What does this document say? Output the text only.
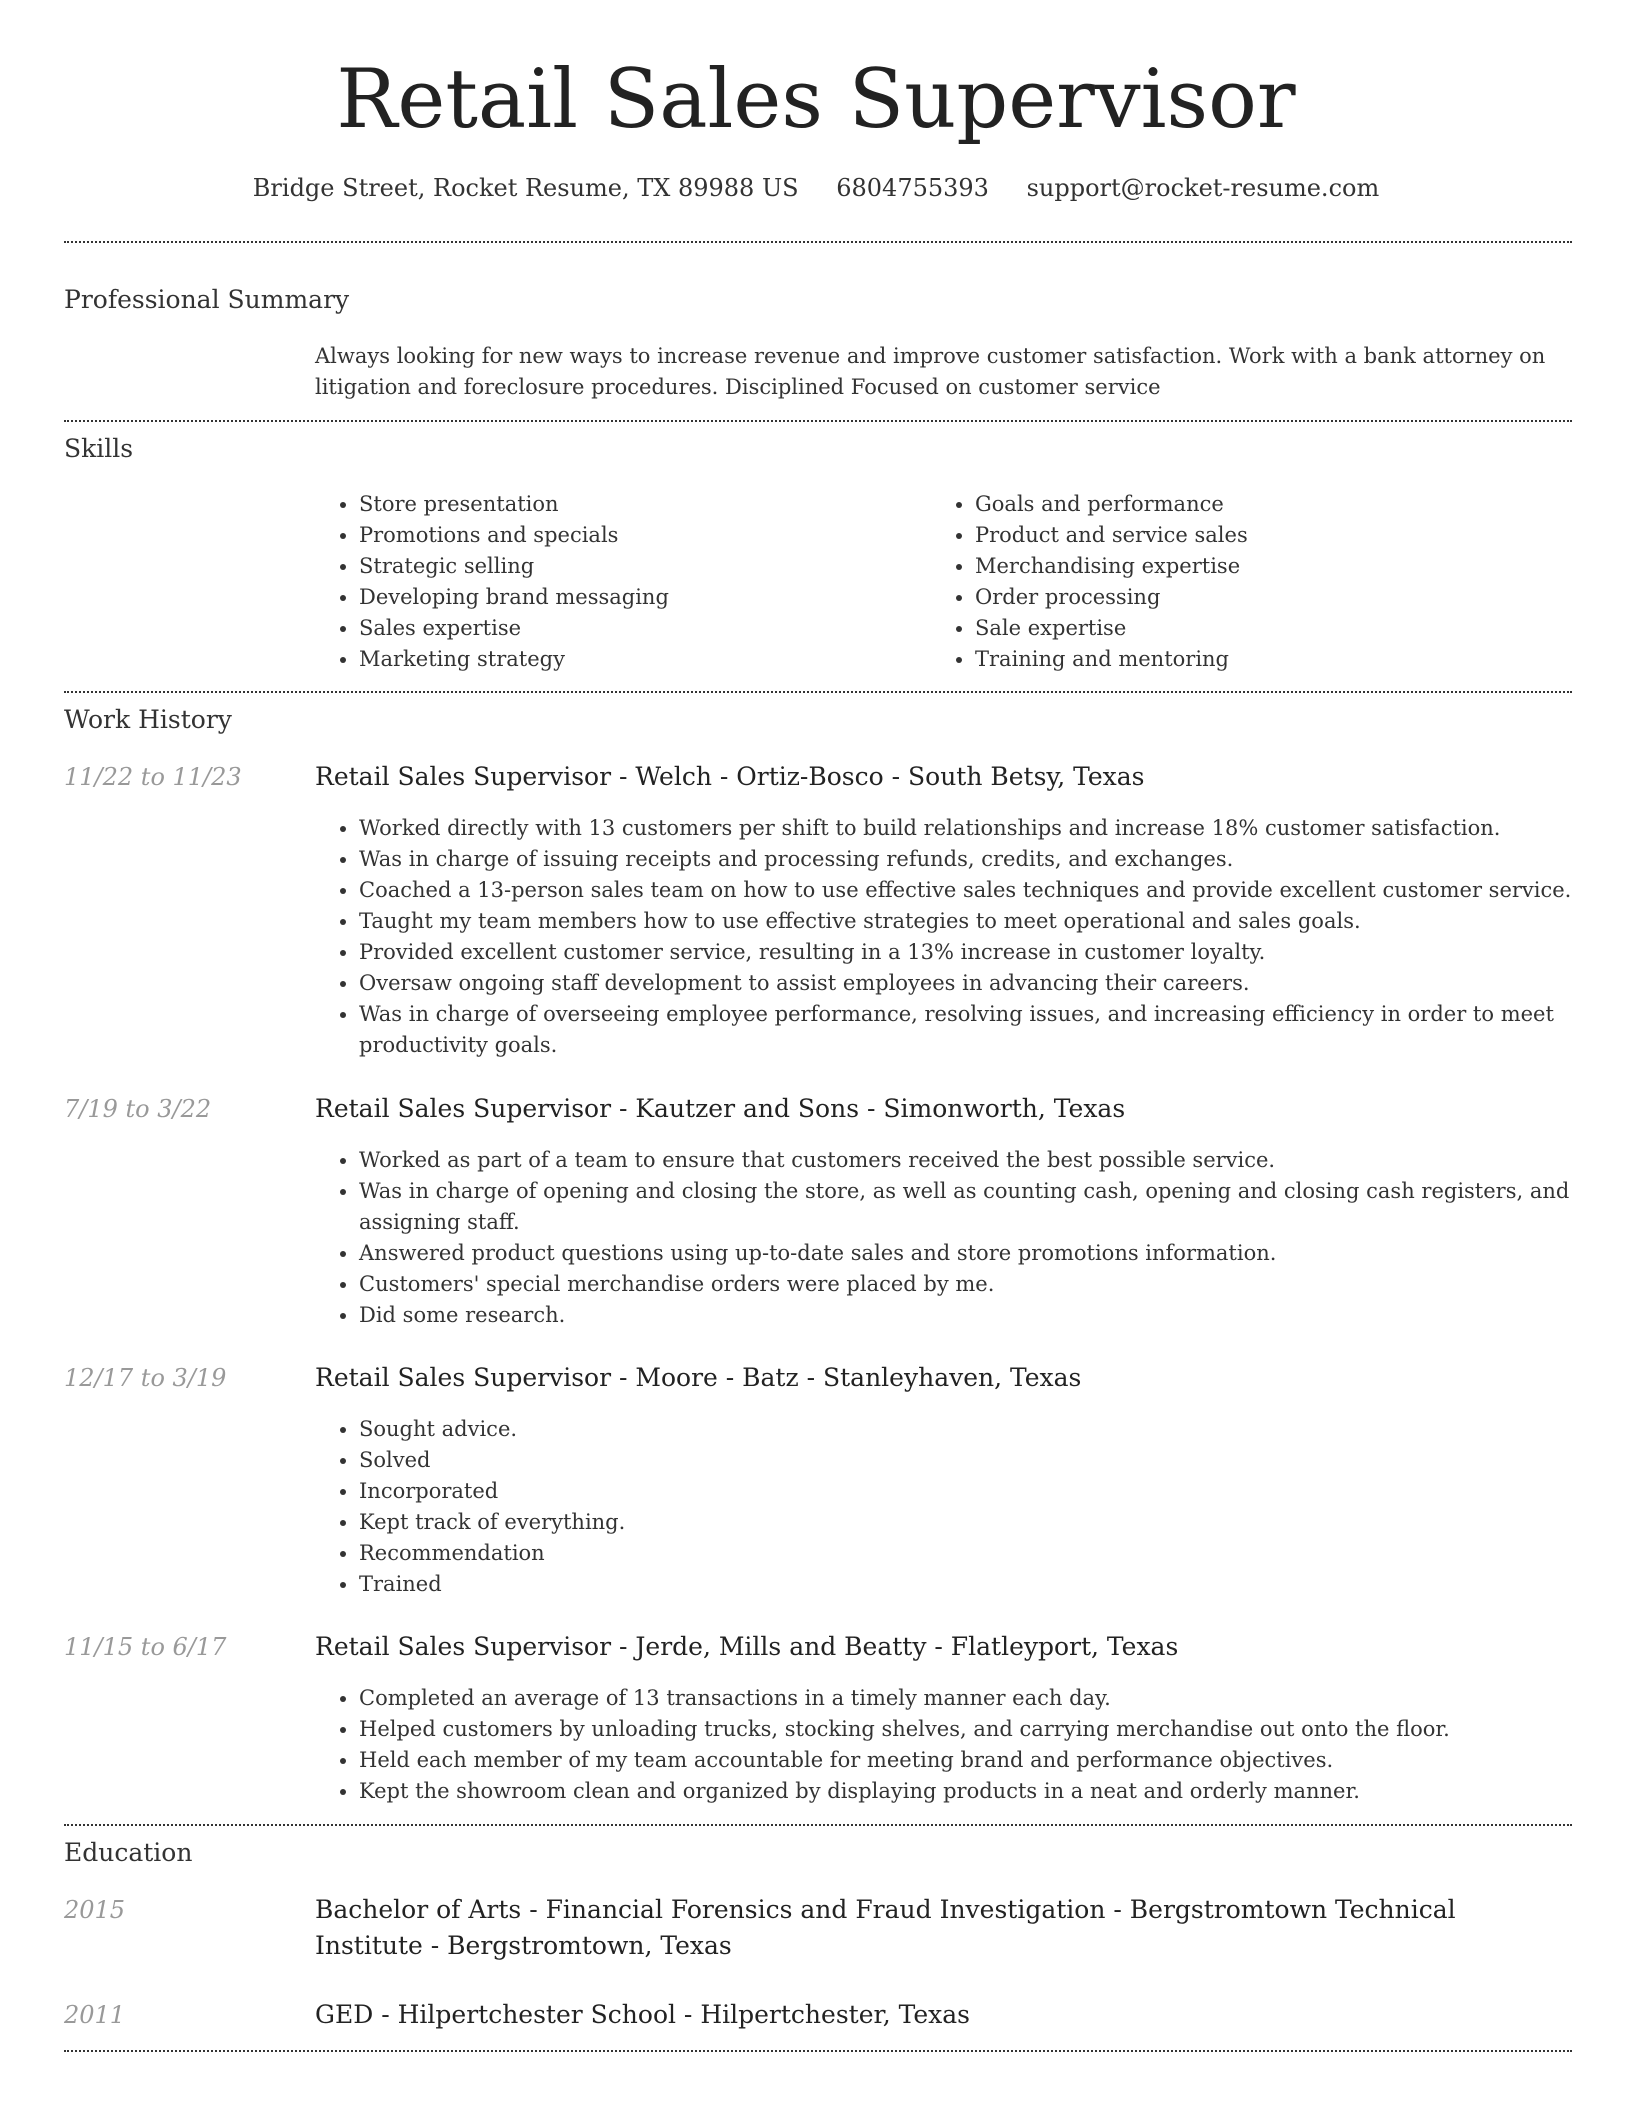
Retail Sales Supervisor
Bridge Street, Rocket Resume, TX 89988 US 6804755393 support@rocket-resume.com
Professional Summary

Always looking for new ways to increase revenue and improve customer satisfaction. Work with a bank attorney on litigation and foreclosure procedures. Disciplined Focused on customer service

Skills
• Store presentation
• Promotions and specials
• Strategic selling
• Developing brand messaging
• Sales expertise
• Marketing strategy
• Goals and performance
• Product and service sales
• Merchandising expertise
• Order processing
• Sale expertise
• Training and mentoring
Work History
11/22 to 11/23	Retail Sales Supervisor - Welch - Ortiz-Bosco - South Betsy, Texas
• Worked directly with 13 customers per shift to build relationships and increase 18% customer satisfaction.
• Was in charge of issuing receipts and processing refunds, credits, and exchanges.
• Coached a 13-person sales team on how to use effective sales techniques and provide excellent customer service.
• Taught my team members how to use effective strategies to meet operational and sales goals.
• Provided excellent customer service, resulting in a 13% increase in customer loyalty.
• Oversaw ongoing staff development to assist employees in advancing their careers.
• Was in charge of overseeing employee performance, resolving issues, and increasing efficiency in order to meet productivity goals.
7/19 to 3/22	Retail Sales Supervisor - Kautzer and Sons - Simonworth, Texas
• Worked as part of a team to ensure that customers received the best possible service.
• Was in charge of opening and closing the store, as well as counting cash, opening and closing cash registers, and assigning staff.
• Answered product questions using up-to-date sales and store promotions information.
• Customers' special merchandise orders were placed by me.
• Did some research.
12/17 to 3/19	Retail Sales Supervisor - Moore - Batz - Stanleyhaven, Texas
• Sought advice.
• Solved
• Incorporated
• Kept track of everything.
• Recommendation
• Trained
11/15 to 6/17	Retail Sales Supervisor - Jerde, Mills and Beatty - Flatleyport, Texas
• Completed an average of 13 transactions in a timely manner each day.
• Helped customers by unloading trucks, stocking shelves, and carrying merchandise out onto the floor.
• Held each member of my team accountable for meeting brand and performance objectives.
• Kept the showroom clean and organized by displaying products in a neat and orderly manner.
Education
2015	Bachelor of Arts - Financial Forensics and Fraud Investigation - Bergstromtown Technical Institute - Bergstromtown, Texas
2011	GED - Hilpertchester School - Hilpertchester, Texas
